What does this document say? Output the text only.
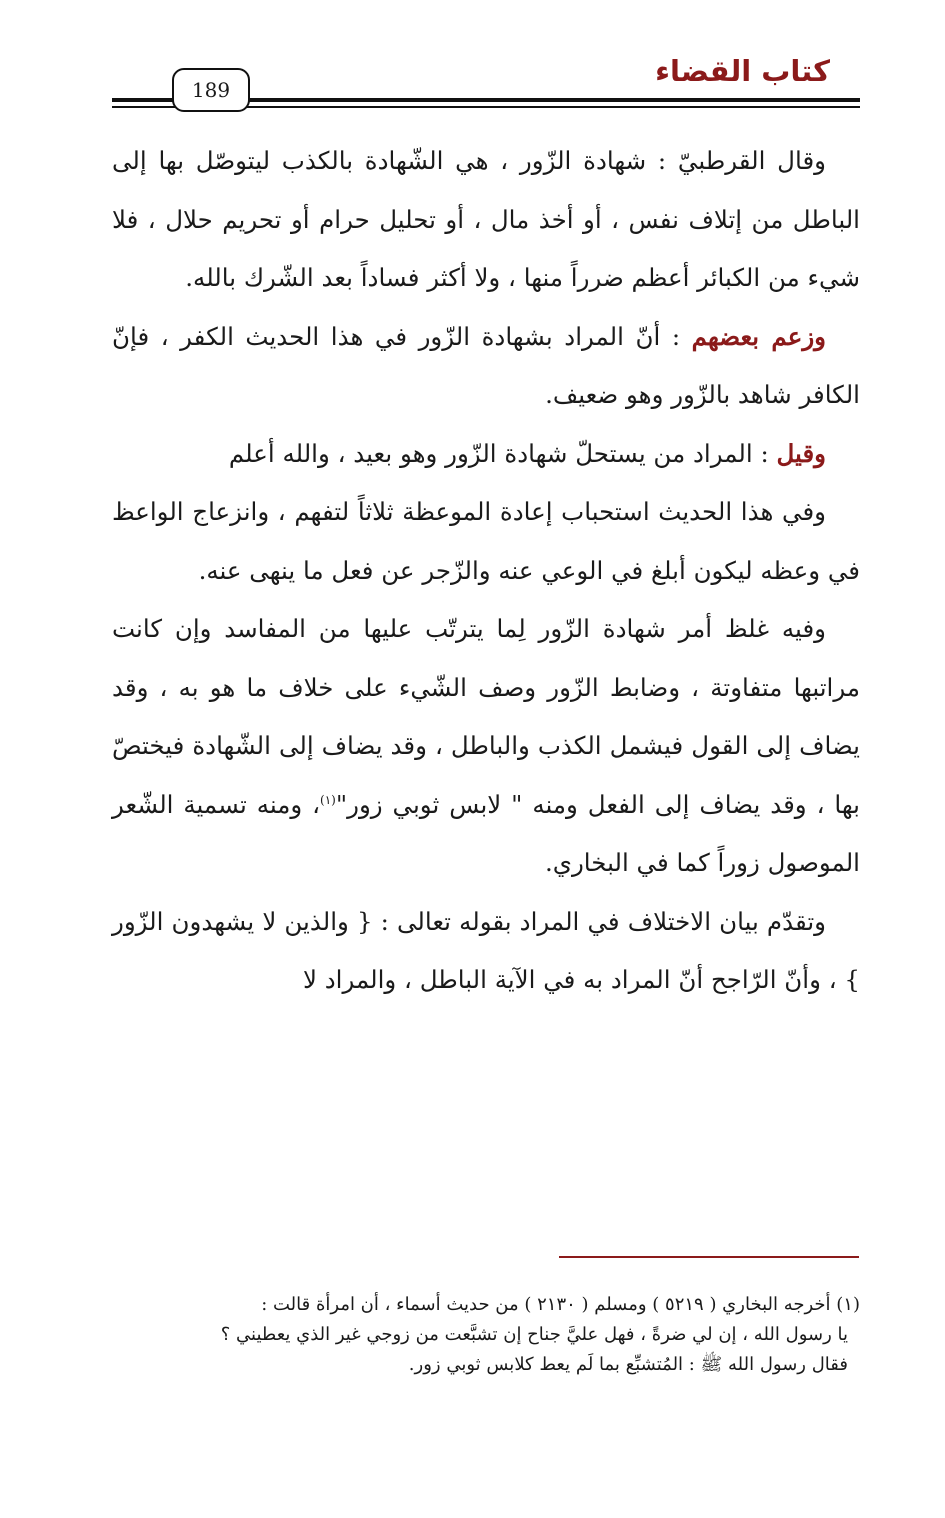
كتاب القضاء
189

وقال القرطبيّ : شهادة الزّور ، هي الشّهادة بالكذب ليتوصّل بها إلى الباطل من إتلاف نفس ، أو أخذ مال ، أو تحليل حرام أو تحريم حلال ، فلا شيء من الكبائر أعظم ضرراً منها ، ولا أكثر فساداً بعد الشّرك بالله.

وزعم بعضهم : أنّ المراد بشهادة الزّور في هذا الحديث الكفر ، فإنّ الكافر شاهد بالزّور وهو ضعيف.

وقيل : المراد من يستحلّ شهادة الزّور وهو بعيد ، والله أعلم

وفي هذا الحديث استحباب إعادة الموعظة ثلاثاً لتفهم ، وانزعاج الواعظ في وعظه ليكون أبلغ في الوعي عنه والزّجر عن فعل ما ينهى عنه.

وفيه غلظ أمر شهادة الزّور لِما يترتّب عليها من المفاسد وإن كانت مراتبها متفاوتة ، وضابط الزّور وصف الشّيء على خلاف ما هو به ، وقد يضاف إلى القول فيشمل الكذب والباطل ، وقد يضاف إلى الشّهادة فيختصّ بها ، وقد يضاف إلى الفعل ومنه " لابس ثوبي زور"$^{(١)}$، ومنه تسمية الشّعر الموصول زوراً كما في البخاري.

وتقدّم بيان الاختلاف في المراد بقوله تعالى : { والذين لا يشهدون الزّور } ، وأنّ الرّاجح أنّ المراد به في الآية الباطل ، والمراد لا

(١) أخرجه البخاري ( ٥٢١٩ ) ومسلم ( ٢١٣٠ ) من حديث أسماء ، أن امرأة قالت :

يا رسول الله ، إن لي ضرةً ، فهل عليَّ جناح إن تشبَّعت من زوجي غير الذي يعطيني ؟

فقال رسول الله ﷺ : المُتشبِّع بما لَم يعط كلابس ثوبي زور.
